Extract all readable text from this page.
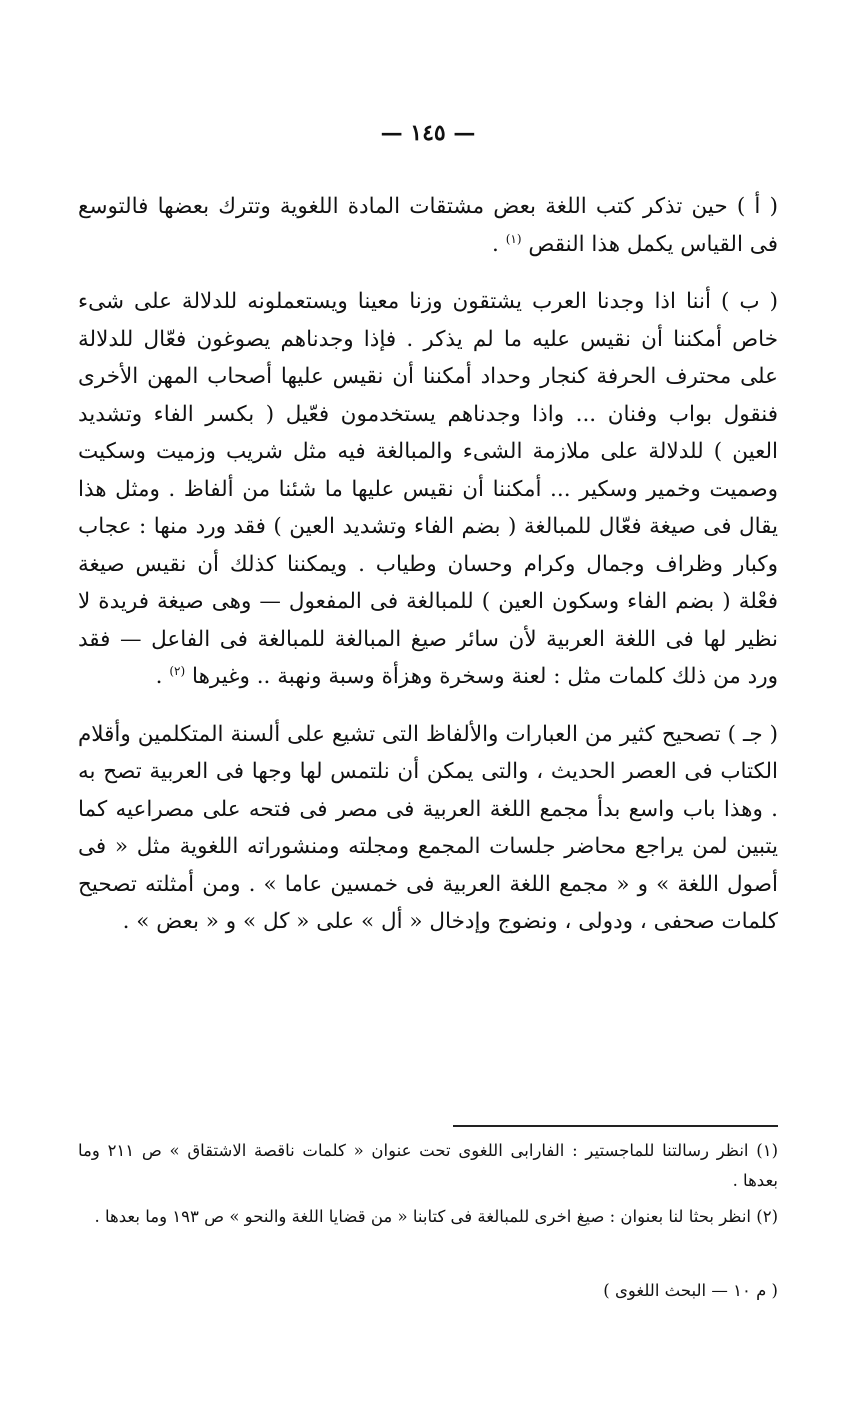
— ١٤٥ —

( أ ) حين تذكر كتب اللغة بعض مشتقات المادة اللغوية وتترك بعضها فالتوسع فى القياس يكمل هذا النقص $^{(١)}$ .

( ب ) أننا اذا وجدنا العرب يشتقون وزنا معينا ويستعملونه للدلالة على شىء خاص أمكننا أن نقيس عليه ما لم يذكر . فإذا وجدناهم يصوغون فعّال للدلالة على محترف الحرفة كنجار وحداد أمكننا أن نقيس عليها أصحاب المهن الأخرى فنقول بواب وفنان ... واذا وجدناهم يستخدمون فعّيل ( بكسر الفاء وتشديد العين ) للدلالة على ملازمة الشىء والمبالغة فيه مثل شريب وزميت وسكيت وصميت وخمير وسكير ... أمكننا أن نقيس عليها ما شئنا من ألفاظ . ومثل هذا يقال فى صيغة فعّال للمبالغة ( بضم الفاء وتشديد العين ) فقد ورد منها : عجاب وكبار وظراف وجمال وكرام وحسان وطياب . ويمكننا كذلك أن نقيس صيغة فعْلة ( بضم الفاء وسكون العين ) للمبالغة فى المفعول — وهى صيغة فريدة لا نظير لها فى اللغة العربية لأن سائر صيغ المبالغة للمبالغة فى الفاعل — فقد ورد من ذلك كلمات مثل : لعنة وسخرة وهزأة وسبة ونهبة .. وغيرها $^{(٢)}$ .

( جـ ) تصحيح كثير من العبارات والألفاظ التى تشيع على ألسنة المتكلمين وأقلام الكتاب فى العصر الحديث ، والتى يمكن أن نلتمس لها وجها فى العربية تصح به . وهذا باب واسع بدأ مجمع اللغة العربية فى مصر فى فتحه على مصراعيه كما يتبين لمن يراجع محاضر جلسات المجمع ومجلته ومنشوراته اللغوية مثل « فى أصول اللغة » و « مجمع اللغة العربية فى خمسين عاما » . ومن أمثلته تصحيح كلمات صحفى ، ودولى ، ونضوج وإدخال « أل » على « كل » و « بعض » .

(١) انظر رسالتنا للماجستير : الفارابى اللغوى تحت عنوان « كلمات ناقصة الاشتقاق » ص ٢١١ وما بعدها .

(٢) انظر بحثا لنا بعنوان : صيغ اخرى للمبالغة فى كتابنا « من قضايا اللغة والنحو » ص ١٩٣ وما بعدها .

( م ١٠ — البحث اللغوى )
